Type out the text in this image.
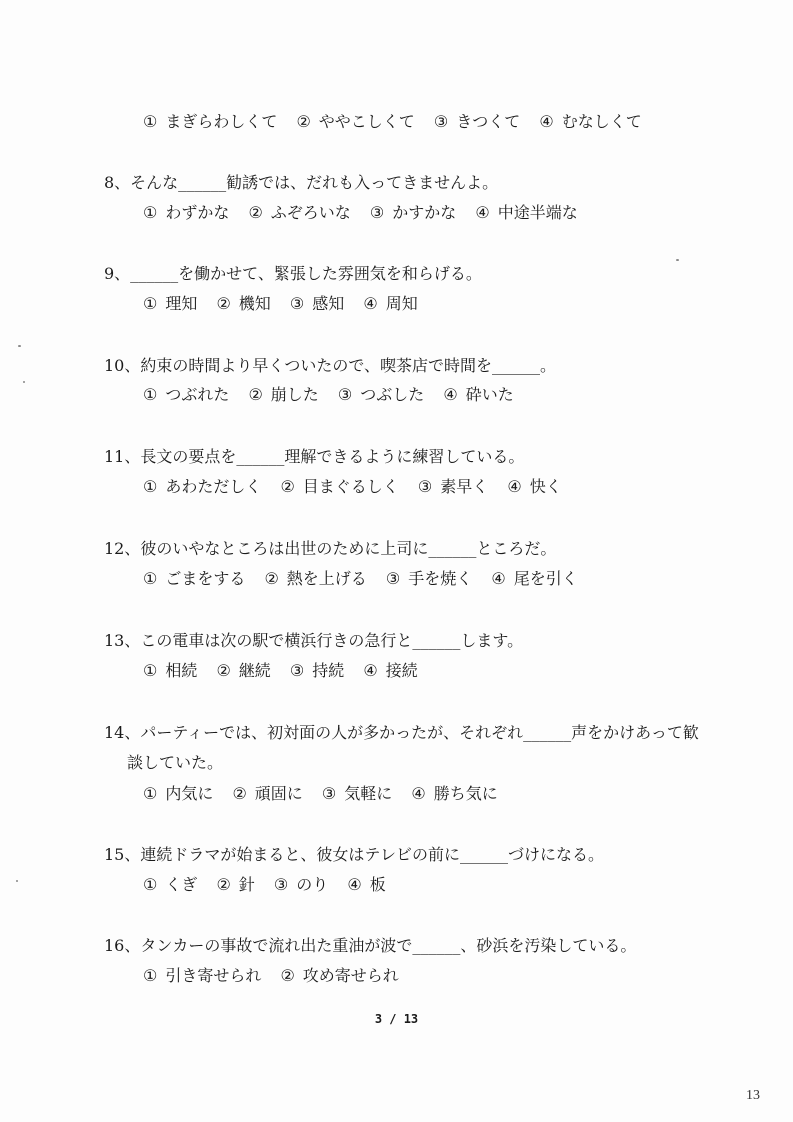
① まぎらわしくて ② ややこしくて ③ きつくて ④ むなしくて
8、そんな______勧誘では、だれも入ってきませんよ。
① わずかな ② ふぞろいな ③ かすかな ④ 中途半端な
9、______を働かせて、緊張した雰囲気を和らげる。
① 理知 ② 機知 ③ 感知 ④ 周知
10、約束の時間より早くついたので、喫茶店で時間を______。
① つぶれた ② 崩した ③ つぶした ④ 砕いた
11、長文の要点を______理解できるように練習している。
① あわただしく ② 目まぐるしく ③ 素早く ④ 快く
12、彼のいやなところは出世のために上司に______ところだ。
① ごまをする ② 熱を上げる ③ 手を焼く ④ 尾を引く
13、この電車は次の駅で横浜行きの急行と______します。
① 相続 ② 継続 ③ 持続 ④ 接続
14、パーティーでは、初対面の人が多かったが、それぞれ______声をかけあって歓
談していた。
① 内気に ② 頑固に ③ 気軽に ④ 勝ち気に
15、連続ドラマが始まると、彼女はテレビの前に______づけになる。
① くぎ ② 針 ③ のり ④ 板
16、タンカーの事故で流れ出た重油が波で______、砂浜を汚染している。
① 引き寄せられ ② 攻め寄せられ
3 / 13
13
